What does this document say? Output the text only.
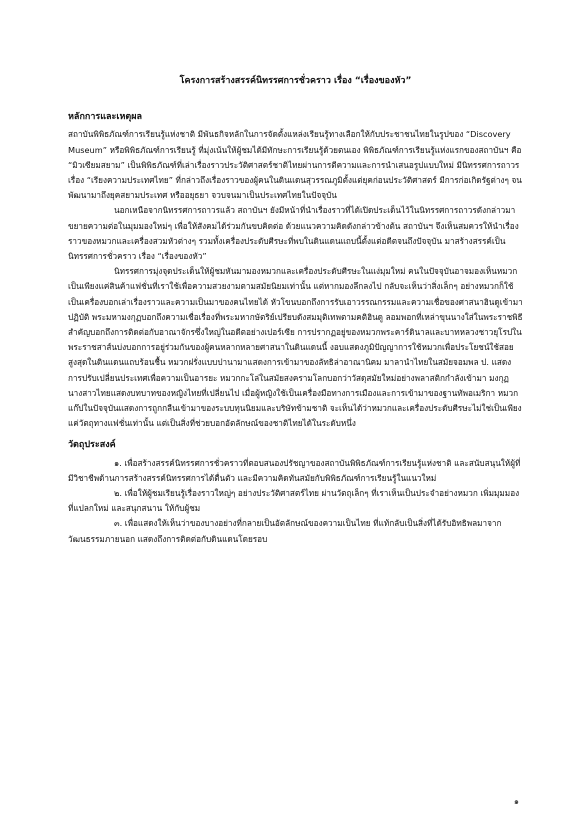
โครงการสร้างสรรค์นิทรรศการชั่วคราว เรื่อง “เรื่องของหัว”
หลักการและเหตุผล

สถาบันพิพิธภัณฑ์การเรียนรู้แห่งชาติ มีพันธกิจหลักในการจัดตั้งแหล่งเรียนรู้ทางเลือกให้กับประชาชนไทยในรูปของ “Discovery Museum” หรือพิพิธภัณฑ์การเรียนรู้ ที่มุ่งเน้นให้ผู้ชมได้มีทักษะการเรียนรู้ด้วยตนเอง พิพิธภัณฑ์การเรียนรู้แห่งแรกของสถาบันฯ คือ “มิวเซียมสยาม” เป็นพิพิธภัณฑ์ที่เล่าเรื่องราวประวัติศาสตร์ชาติไทยผ่านการตีความและการนำเสนอรูปแบบใหม่ มีนิทรรศการถาวรเรื่อง “เรียงความประเทศไทย” ที่กล่าวถึงเรื่องราวของผู้คนในดินแดนสุวรรณภูมิตั้งแต่ยุคก่อนประวัติศาสตร์ มีการก่อเกิดรัฐต่างๆ จนพัฒนามาถึงยุคสยามประเทศ หรืออยุธยา จวบจนมาเป็นประเทศไทยในปัจจุบัน

นอกเหนือจากนิทรรศการถาวรแล้ว สถาบันฯ ยังมีหน้าที่นำเรื่องราวที่ได้เปิดประเด็นไว้ในนิทรรศการถาวรดังกล่าวมาขยายความต่อในมุมมองใหม่ๆ เพื่อให้สังคมได้ร่วมกันขบคิดต่อ ด้วยแนวความคิดดังกล่าวข้างต้น สถาบันฯ จึงเห็นสมควรให้นำเรื่องราวของหมวกและเครื่องสวมหัวต่างๆ รวมทั้งเครื่องประดับศีรษะที่พบในดินแดนแถบนี้ตั้งแต่อดีตจนถึงปัจจุบัน มาสร้างสรรค์เป็นนิทรรศการชั่วคราว เรื่อง “เรื่องของหัว”

นิทรรศการมุ่งจุดประเด็นให้ผู้ชมหันมามองหมวกและเครื่องประดับศีรษะในแง่มุมใหม่ คนในปัจจุบันอาจมองเห็นหมวกเป็นเพียงแค่สินค้าแฟชั่นที่เราใช้เพื่อความสวยงามตามสมัยนิยมเท่านั้น แต่หากมองลึกลงไป กลับจะเห็นว่าสิ่งเล็กๆ อย่างหมวกก็ใช้เป็นเครื่องบอกเล่าเรื่องราวและความเป็นมาของคนไทยได้ หัวโขนบอกถึงการรับเอาวรรณกรรมและความเชื่อของศาสนาฮินดูเข้ามาปฏิบัติ พระมหามงกุฏบอกถึงความเชื่อเรื่องที่พระมหากษัตริย์เปรียบดังสมมุติเทพตามคติฮินดู ลอมพอกที่เหล่าขุนนางใส่ในพระราชพิธีสำคัญบอกถึงการติดต่อกับอาณาจักรซึ่งใหญ่ในอดีตอย่างเปอร์เซีย การปรากฏอยู่ของหมวกพระคาร์ดินาลและบาทหลวงชาวยุโรปในพระราชสาส์นบ่งบอกการอยู่ร่วมกันของผู้คนหลากหลายศาสนาในดินแดนนี้ งอบแสดงภูมิปัญญาการใช้หมวกเพื่อประโยชน์ใช้สอยสูงสุดในดินแดนแถบร้อนชื้น หมวกฝรั่งแบบปานามาแสดงการเข้ามาของลัทธิล่าอาณานิคม มาลานำไทยในสมัยจอมพล ป. แสดงการปรับเปลี่ยนประเทศเพื่อความเป็นอารยะ หมวกกะโล่ในสมัยสงครามโลกบอกว่าวัสดุสมัยใหม่อย่างพลาสติกกำลังเข้ามา มงกุฏนางสาวไทยแสดงบทบาทของหญิงไทยที่เปลี่ยนไป เมื่อผู้หญิงใช้เป็นเครื่องมือทางการเมืองและการเข้ามาของฐานทัพอเมริกา หมวกแก๊ปในปัจจุบันแสดงการถูกกลืนเข้ามาของระบบทุนนิยมและบริษัทข้ามชาติ จะเห็นได้ว่าหมวกและเครื่องประดับศีรษะไม่ใช่เป็นเพียงแค่วัตถุทางแฟชั่นเท่านั้น แต่เป็นสิ่งที่ช่วยบอกอัตลักษณ์ของชาติไทยได้ในระดับหนึ่ง

วัตถุประสงค์

๑. เพื่อสร้างสรรค์นิทรรศการชั่วคราวที่ตอบสนองปรัชญาของสถาบันพิพิธภัณฑ์การเรียนรู้แห่งชาติ และสนับสนุนให้ผู้ที่มีวิชาชีพด้านการสร้างสรรค์นิทรรศการได้ตื่นตัว และมีความคิดทันสมัยกับพิพิธภัณฑ์การเรียนรู้ในแนวใหม่

๒. เพื่อให้ผู้ชมเรียนรู้เรื่องราวใหญ่ๆ อย่างประวัติศาสตร์ไทย ผ่านวัตถุเล็กๆ ที่เราเห็นเป็นประจำอย่างหมวก เพิ่มมุมมองที่แปลกใหม่ และสนุกสนาน ให้กับผู้ชม

๓. เพื่อแสดงให้เห็นว่าของบางอย่างที่กลายเป็นอัตลักษณ์ของความเป็นไทย ที่แท้กลับเป็นสิ่งที่ได้รับอิทธิพลมาจากวัฒนธรรมภายนอก แสดงถึงการติดต่อกับดินแดนโดยรอบ

๑
